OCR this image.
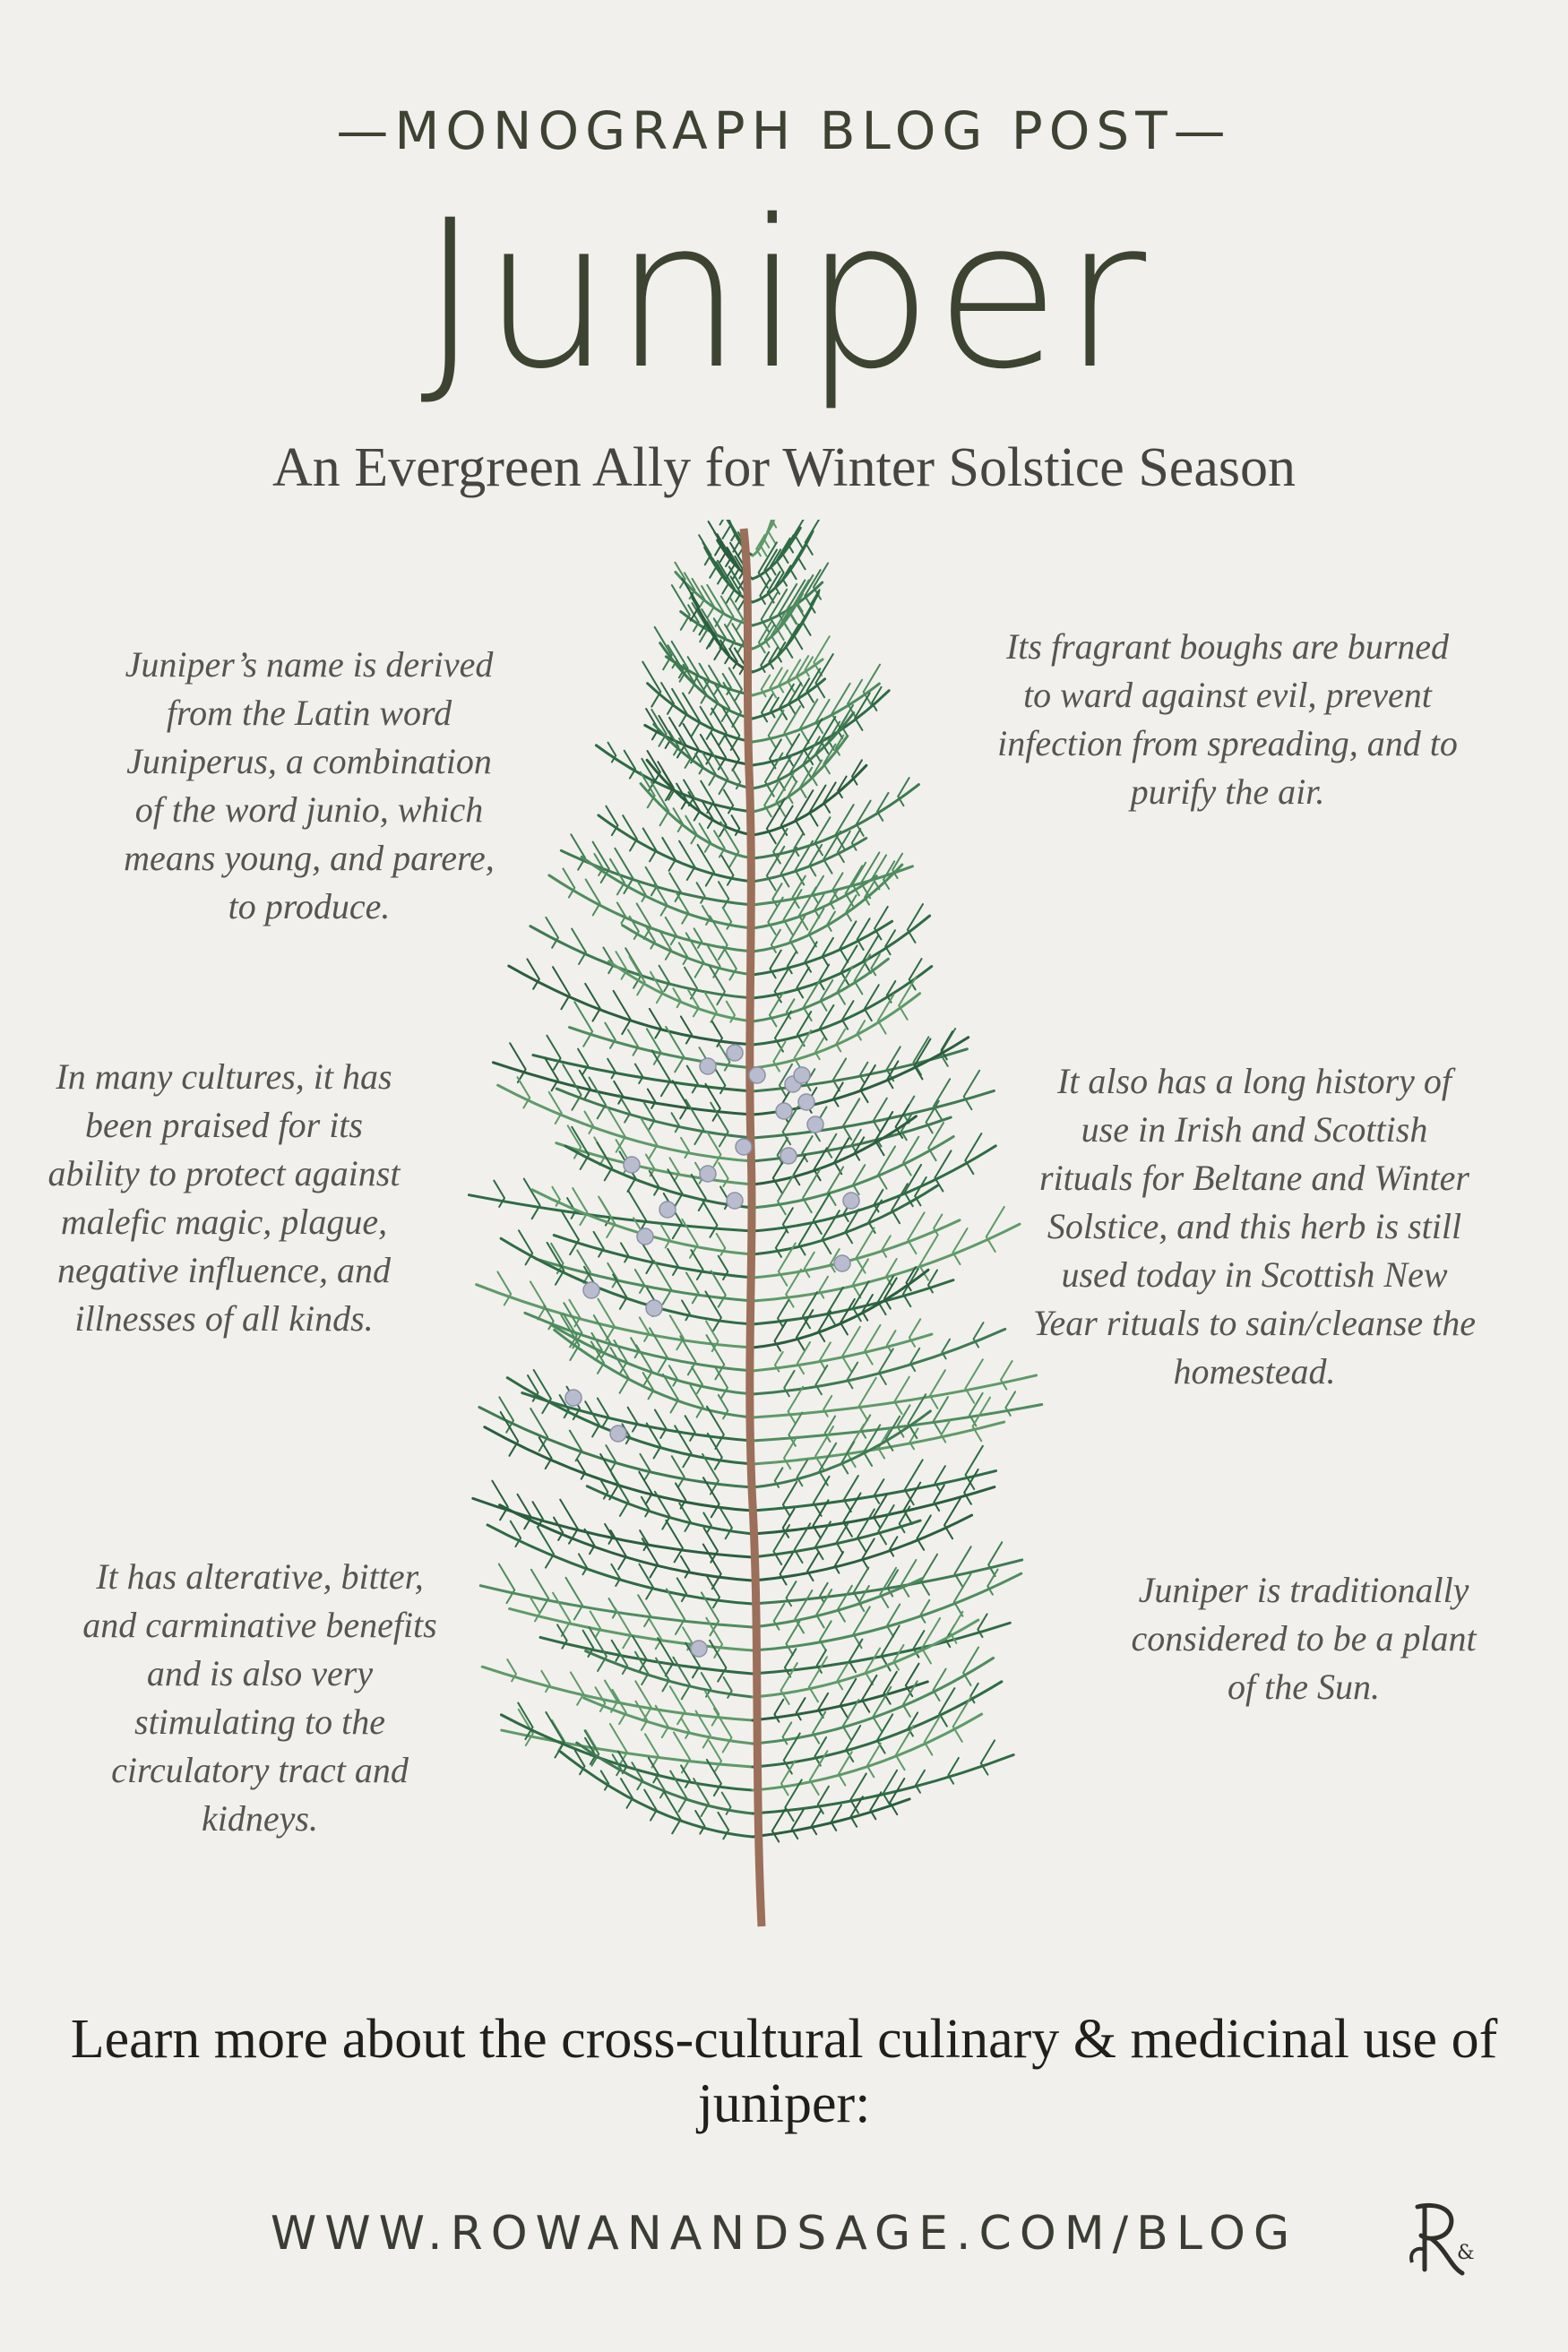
—MONOGRAPH BLOG POST—
Juniper
An Evergreen Ally for Winter Solstice Season
Juniper’s name is derived from the Latin word Juniperus, a combination of the word junio, which means young, and parere, to produce.
In many cultures, it has been praised for its ability to protect against malefic magic, plague, negative influence, and illnesses of all kinds.
It has alterative, bitter, and carminative benefits and is also very stimulating to the circulatory tract and kidneys.
Its fragrant boughs are burned to ward against evil, prevent infection from spreading, and to purify the air.
It also has a long history of use in Irish and Scottish rituals for Beltane and Winter Solstice, and this herb is still used today in Scottish New Year rituals to sain/cleanse the homestead.
Juniper is traditionally considered to be a plant of the Sun.
Learn more about the cross-cultural culinary & medicinal use of juniper:
WWW.ROWANANDSAGE.COM/BLOG	&
